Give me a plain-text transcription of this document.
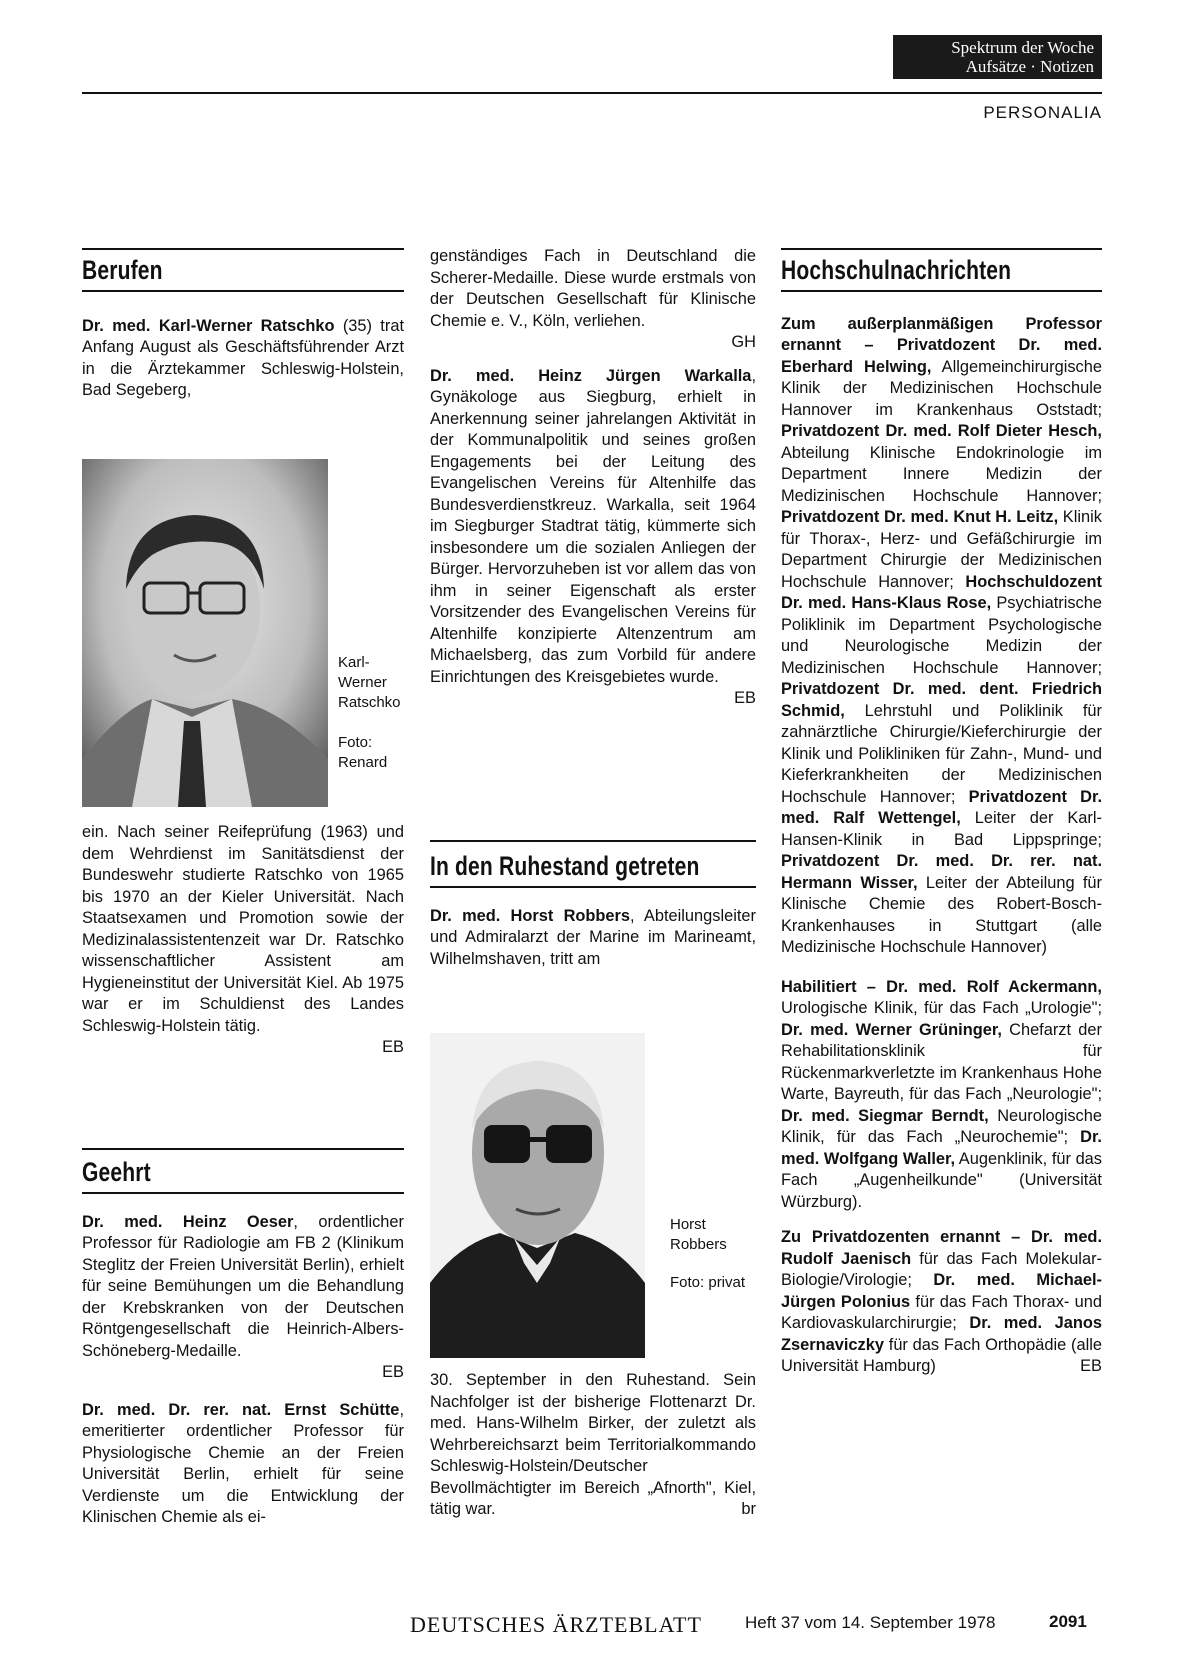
Spektrum der Woche
Aufsätze · Notizen
PERSONALIA
Berufen

Dr. med. Karl-Werner Ratschko (35) trat Anfang August als Geschäftsführender Arzt in die Ärztekammer Schleswig-Holstein, Bad Segeberg,

Karl-Werner Ratschko
Foto: Renard

ein. Nach seiner Reifeprüfung (1963) und dem Wehrdienst im Sanitätsdienst der Bundeswehr studierte Ratschko von 1965 bis 1970 an der Kieler Universität. Nach Staatsexamen und Promotion sowie der Medizinalassistentenzeit war Dr. Ratschko wissenschaftlicher Assistent am Hygieneinstitut der Universität Kiel. Ab 1975 war er im Schuldienst des Landes Schleswig-Holstein tätig.

EB
Geehrt

Dr. med. Heinz Oeser, ordentlicher Professor für Radiologie am FB 2 (Klinikum Steglitz der Freien Universität Berlin), erhielt für seine Bemühungen um die Behandlung der Krebskranken von der Deutschen Röntgengesellschaft die Heinrich-Albers-Schöneberg-Medaille.

EB

Dr. med. Dr. rer. nat. Ernst Schütte, emeritierter ordentlicher Professor für Physiologische Chemie an der Freien Universität Berlin, erhielt für seine Verdienste um die Entwicklung der Klinischen Chemie als ei-

genständiges Fach in Deutschland die Scherer-Medaille. Diese wurde erstmals von der Deutschen Gesellschaft für Klinische Chemie e. V., Köln, verliehen.

GH

Dr. med. Heinz Jürgen Warkalla, Gynäkologe aus Siegburg, erhielt in Anerkennung seiner jahrelangen Aktivität in der Kommunalpolitik und seines großen Engagements bei der Leitung des Evangelischen Vereins für Altenhilfe das Bundesverdienstkreuz. Warkalla, seit 1964 im Siegburger Stadtrat tätig, kümmerte sich insbesondere um die sozialen Anliegen der Bürger. Hervorzuheben ist vor allem das von ihm in seiner Eigenschaft als erster Vorsitzender des Evangelischen Vereins für Altenhilfe konzipierte Altenzentrum am Michaelsberg, das zum Vorbild für andere Einrichtungen des Kreisgebietes wurde.

EB
In den Ruhestand getreten

Dr. med. Horst Robbers, Abteilungsleiter und Admiralarzt der Marine im Marineamt, Wilhelmshaven, tritt am

Horst Robbers
Foto: privat

30. September in den Ruhestand. Sein Nachfolger ist der bisherige Flottenarzt Dr. med. Hans-Wilhelm Birker, der zuletzt als Wehrbereichsarzt beim Territorialkommando Schleswig-Holstein/Deutscher Bevollmächtigter im Bereich „Afnorth", Kiel, tätig war.	br
Hochschulnachrichten

Zum außerplanmäßigen Professor ernannt – Privatdozent Dr. med. Eberhard Helwing, Allgemeinchirurgische Klinik der Medizinischen Hochschule Hannover im Krankenhaus Oststadt; Privatdozent Dr. med. Rolf Dieter Hesch, Abteilung Klinische Endokrinologie im Department Innere Medizin der Medizinischen Hochschule Hannover; Privatdozent Dr. med. Knut H. Leitz, Klinik für Thorax-, Herz- und Gefäßchirurgie im Department Chirurgie der Medizinischen Hochschule Hannover; Hochschuldozent Dr. med. Hans-Klaus Rose, Psychiatrische Poliklinik im Department Psychologische und Neurologische Medizin der Medizinischen Hochschule Hannover; Privatdozent Dr. med. dent. Friedrich Schmid, Lehrstuhl und Poliklinik für zahnärztliche Chirurgie/Kieferchirurgie der Klinik und Polikliniken für Zahn-, Mund- und Kieferkrankheiten der Medizinischen Hochschule Hannover; Privatdozent Dr. med. Ralf Wettengel, Leiter der Karl-Hansen-Klinik in Bad Lippspringe; Privatdozent Dr. med. Dr. rer. nat. Hermann Wisser, Leiter der Abteilung für Klinische Chemie des Robert-Bosch-Krankenhauses in Stuttgart (alle Medizinische Hochschule Hannover)

Habilitiert – Dr. med. Rolf Ackermann, Urologische Klinik, für das Fach „Urologie"; Dr. med. Werner Grüninger, Chefarzt der Rehabilitationsklinik für Rückenmarkverletzte im Krankenhaus Hohe Warte, Bayreuth, für das Fach „Neurologie"; Dr. med. Siegmar Berndt, Neurologische Klinik, für das Fach „Neurochemie"; Dr. med. Wolfgang Waller, Augenklinik, für das Fach „Augenheilkunde" (Universität Würzburg).

Zu Privatdozenten ernannt – Dr. med. Rudolf Jaenisch für das Fach Molekular-Biologie/Virologie; Dr. med. Michael-Jürgen Polonius für das Fach Thorax- und Kardiovaskularchirurgie; Dr. med. Janos Zsernaviczky für das Fach Orthopädie (alle Universität Hamburg)	EB
DEUTSCHES ÄRZTEBLATT	Heft 37 vom 14. September 1978	2091
